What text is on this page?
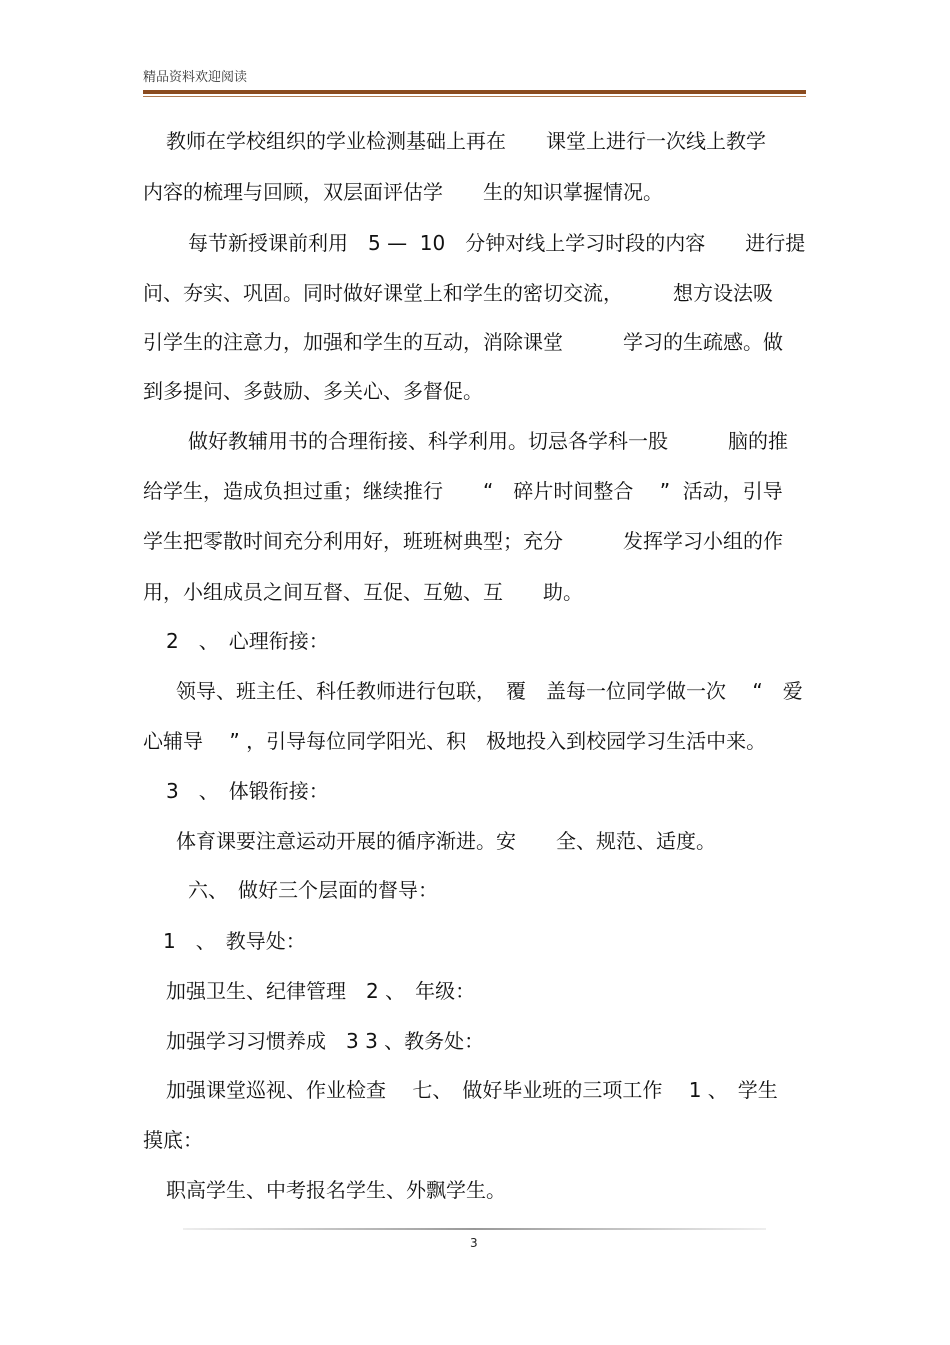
精品资料欢迎阅读
教师在学校组织的学业检测基础上再在　　课堂上进行一次线上教学
内容的梳理与回顾，双层面评估学　　生的知识掌握情况。
每节新授课前利用　5 —  10　分钟对线上学习时段的内容　　进行提
问、夯实、巩固。同时做好课堂上和学生的密切交流，　　　想方设法吸
引学生的注意力，加强和学生的互动，消除课堂　　　学习的生疏感。做
到多提问、多鼓励、多关心、多督促。
做好教辅用书的合理衔接、科学利用。切忌各学科一股　　　脑的推
给学生，造成负担过重；继续推行　　“　碎片时间整合　 ”  活动，引导
学生把零散时间充分利用好，班班树典型；充分　　　发挥学习小组的作
用，小组成员之间互督、互促、互勉、互　　助。
2　、　心理衔接：
领导、班主任、科任教师进行包联，　覆　盖每一位同学做一次　 “　爱
心辅导　 ” ，引导每位同学阳光、积　极地投入到校园学习生活中来。
3　、　体锻衔接：
体育课要注意运动开展的循序渐进。安　　全、规范、适度。
六、　做好三个层面的督导：
1　、　教导处：
加强卫生、纪律管理　2 、　年级：
加强学习习惯养成　3 3 、教务处：
加强课堂巡视、作业检查　 七、　做好毕业班的三项工作　 1 、　学生
摸底：
职高学生、中考报名学生、外飘学生。
3
